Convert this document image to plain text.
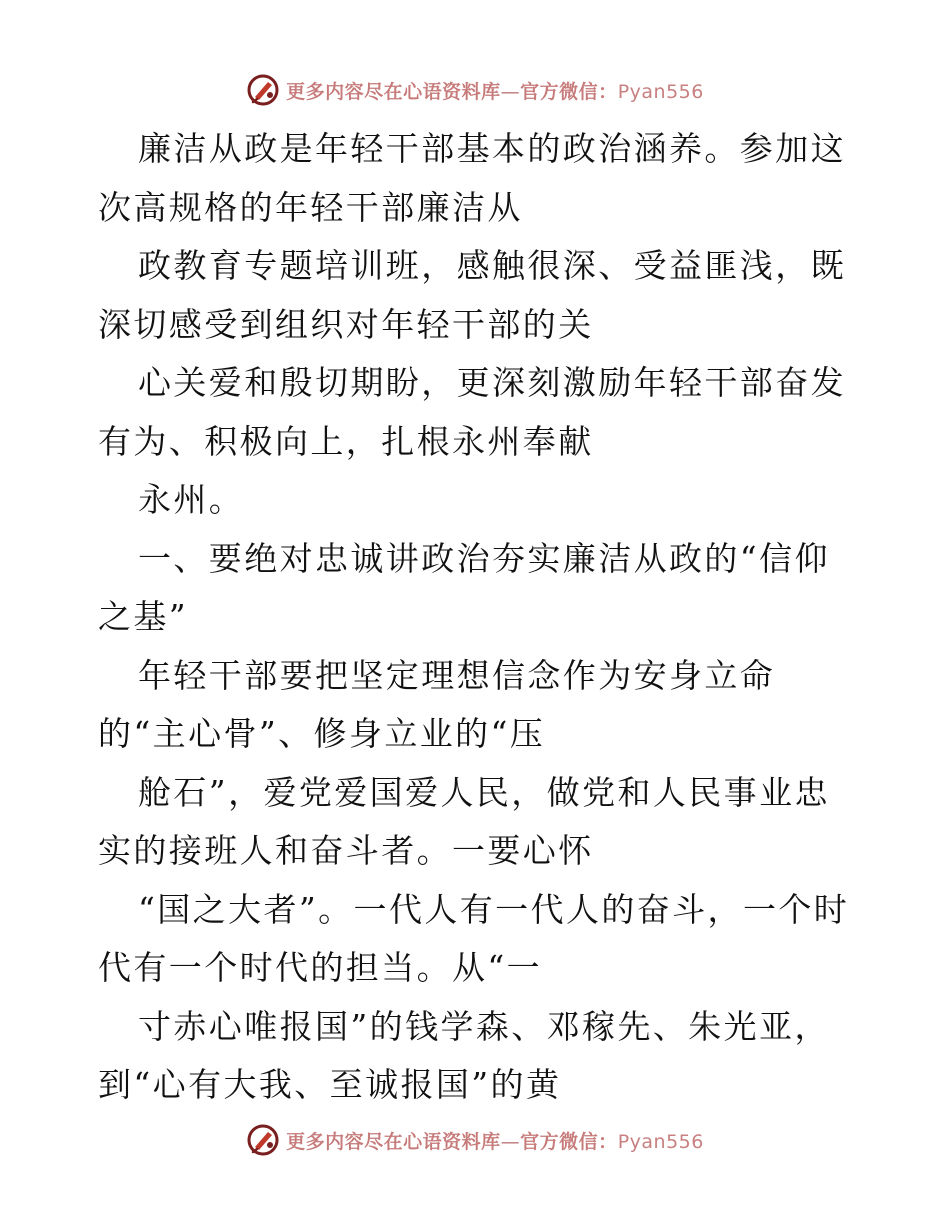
更多内容尽在心语资料库—官方微信：Pyan556

廉洁从政是年轻干部基本的政治涵养。参加这次高规格的年轻干部廉洁从

政教育专题培训班，感触很深、受益匪浅，既深切感受到组织对年轻干部的关

心关爱和殷切期盼，更深刻激励年轻干部奋发有为、积极向上，扎根永州奉献

永州。

一、要绝对忠诚讲政治夯实廉洁从政的“信仰之基”

年轻干部要把坚定理想信念作为安身立命的“主心骨”、修身立业的“压

舱石”，爱党爱国爱人民，做党和人民事业忠实的接班人和奋斗者。一要心怀

“国之大者”。一代人有一代人的奋斗，一个时代有一个时代的担当。从“一

寸赤心唯报国”的钱学森、邓稼先、朱光亚，到“心有大我、至诚报国”的黄

更多内容尽在心语资料库—官方微信：Pyan556
